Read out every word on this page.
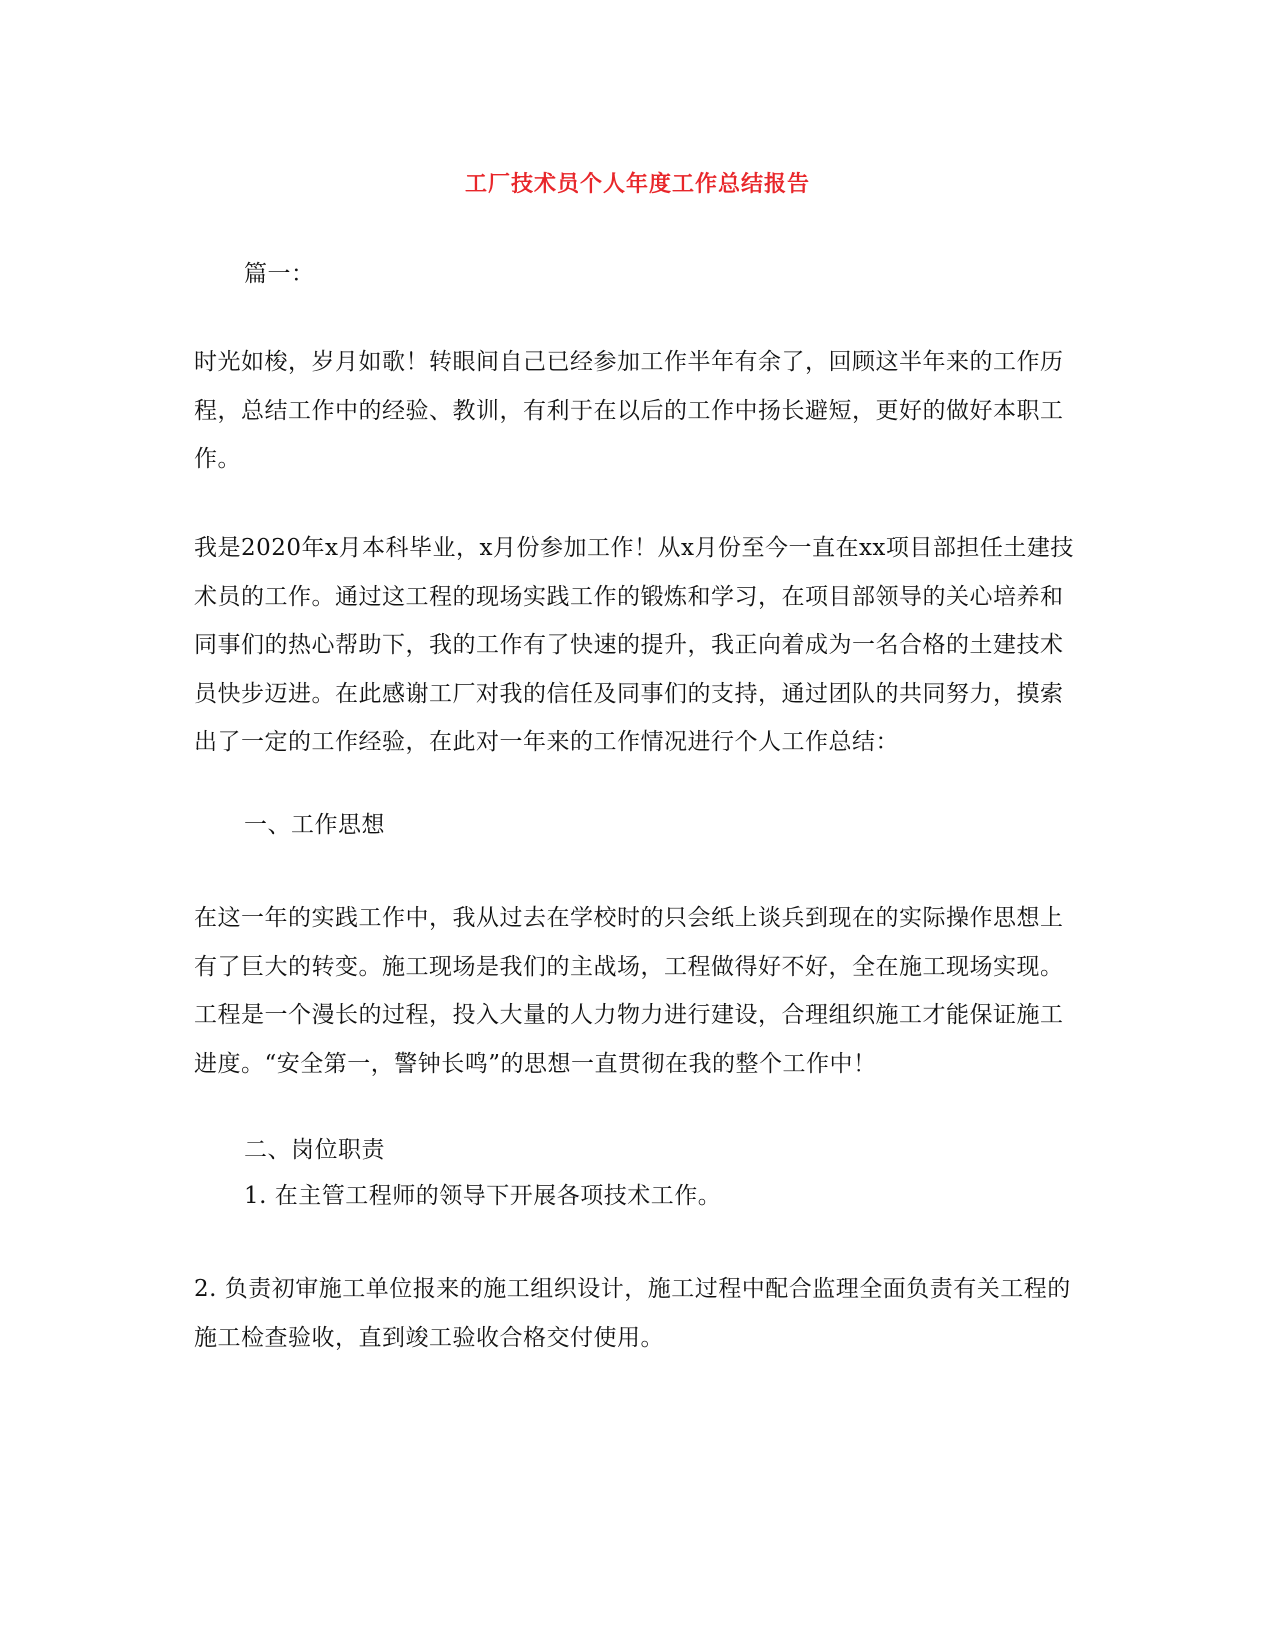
工厂技术员个人年度工作总结报告
篇一：
时光如梭，岁月如歌！转眼间自己已经参加工作半年有余了，回顾这半年来的工作历程，总结工作中的经验、教训，有利于在以后的工作中扬长避短，更好的做好本职工作。
我是2020年x月本科毕业，x月份参加工作！从x月份至今一直在xx项目部担任土建技术员的工作。通过这工程的现场实践工作的锻炼和学习，在项目部领导的关心培养和同事们的热心帮助下，我的工作有了快速的提升，我正向着成为一名合格的土建技术员快步迈进。在此感谢工厂对我的信任及同事们的支持，通过团队的共同努力，摸索出了一定的工作经验，在此对一年来的工作情况进行个人工作总结：
一、工作思想
在这一年的实践工作中，我从过去在学校时的只会纸上谈兵到现在的实际操作思想上有了巨大的转变。施工现场是我们的主战场，工程做得好不好，全在施工现场实现。工程是一个漫长的过程，投入大量的人力物力进行建设，合理组织施工才能保证施工进度。“安全第一，警钟长鸣”的思想一直贯彻在我的整个工作中！
二、岗位职责
1. 在主管工程师的领导下开展各项技术工作。
2. 负责初审施工单位报来的施工组织设计，施工过程中配合监理全面负责有关工程的施工检查验收，直到竣工验收合格交付使用。
